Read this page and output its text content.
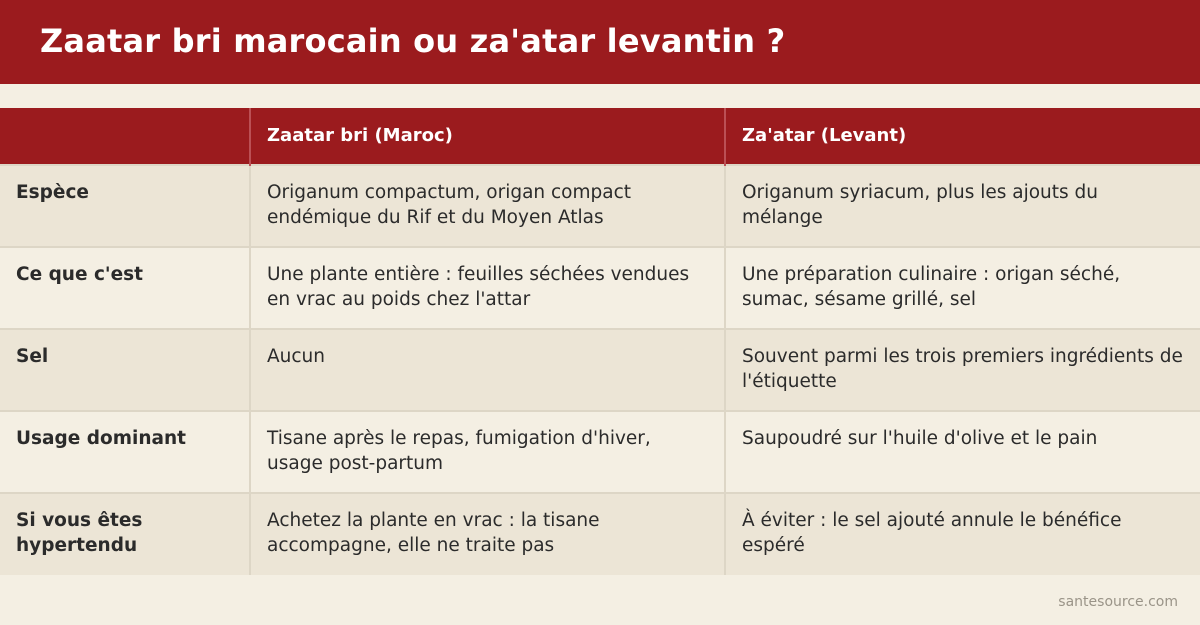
Zaatar bri marocain ou za'atar levantin ?
	Zaatar bri (Maroc)	Za'atar (Levant)
Espèce	Origanum compactum, origan compact endémique du Rif et du Moyen Atlas	Origanum syriacum, plus les ajouts du mélange
Ce que c'est	Une plante entière : feuilles séchées vendues en vrac au poids chez l'attar	Une préparation culinaire : origan séché, sumac, sésame grillé, sel
Sel	Aucun	Souvent parmi les trois premiers ingrédients de l'étiquette
Usage dominant	Tisane après le repas, fumigation d'hiver, usage post-partum	Saupoudré sur l'huile d'olive et le pain
Si vous êtes hypertendu	Achetez la plante en vrac : la tisane accompagne, elle ne traite pas	À éviter : le sel ajouté annule le bénéfice espéré
santesource.com
